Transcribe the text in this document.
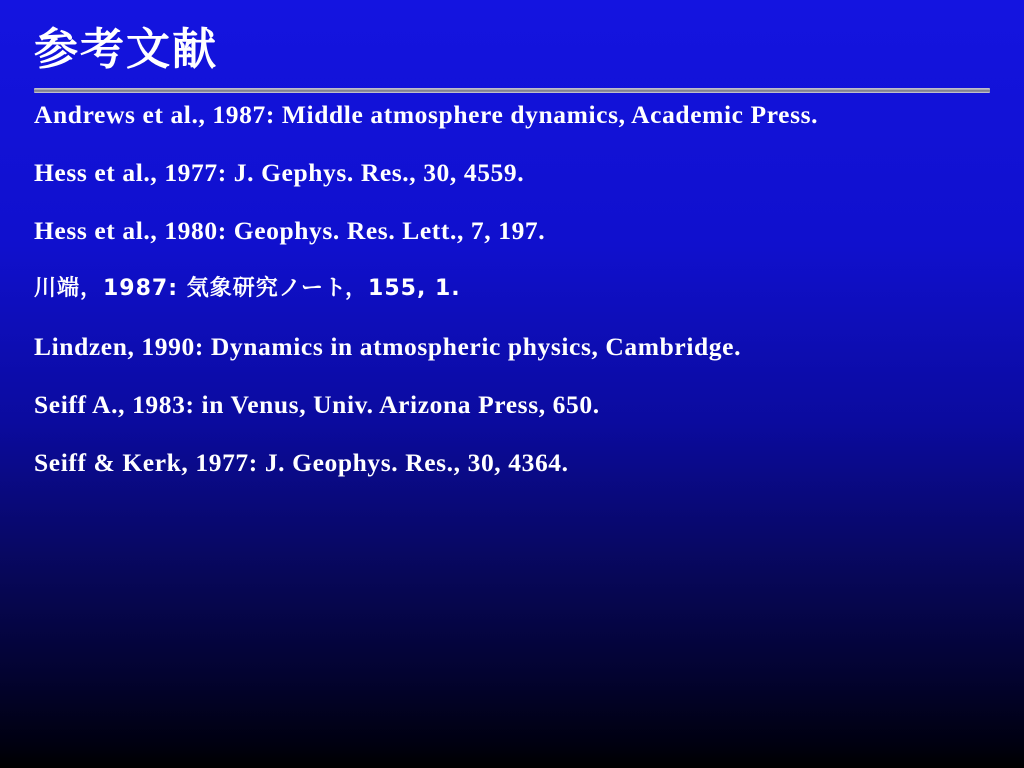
参考文献

Andrews et al., 1987: Middle atmosphere dynamics, Academic Press.

Hess et al., 1977: J. Gephys. Res., 30, 4559.

Hess et al., 1980: Geophys. Res. Lett., 7, 197.

川端，1987: 気象研究ノート，155, 1.

Lindzen, 1990: Dynamics in atmospheric physics, Cambridge.

Seiff A., 1983: in Venus, Univ. Arizona Press, 650.

Seiff & Kerk, 1977: J. Geophys. Res., 30, 4364.
